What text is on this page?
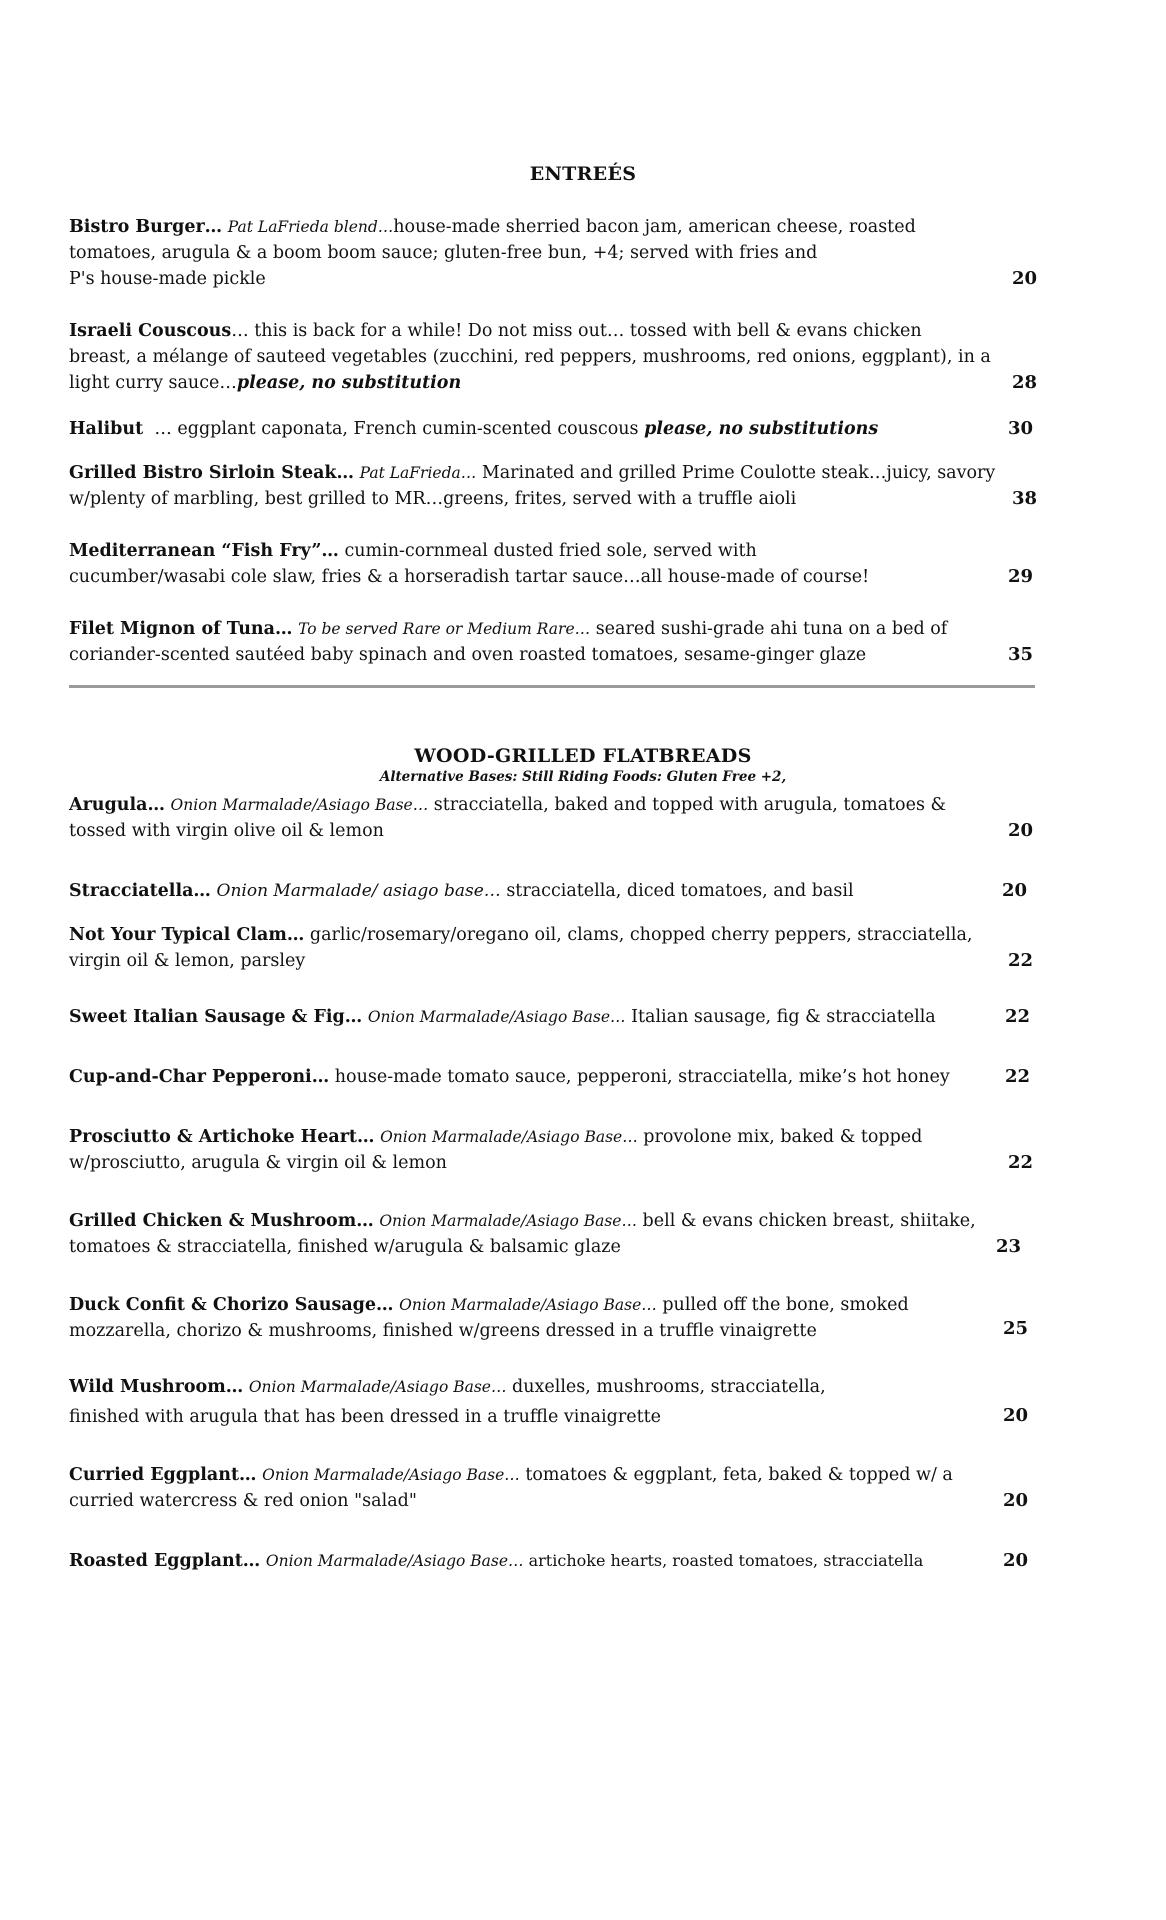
ENTREÉS
Bistro Burger… Pat LaFrieda blend…house-made sherried bacon jam, american cheese, roasted
tomatoes, arugula & a boom boom sauce; gluten-free bun, +4; served with fries and
P's house-made pickle	20
Israeli Couscous… this is back for a while! Do not miss out… tossed with bell & evans chicken
breast, a mélange of sauteed vegetables (zucchini, red peppers, mushrooms, red onions, eggplant), in a
light curry sauce…please, no substitution	28
Halibut  … eggplant caponata, French cumin-scented couscous please, no substitutions	30
Grilled Bistro Sirloin Steak… Pat LaFrieda… Marinated and grilled Prime Coulotte steak…juicy, savory
w/plenty of marbling, best grilled to MR…greens, frites, served with a truffle aioli	38
Mediterranean “Fish Fry”… cumin-cornmeal dusted fried sole, served with
cucumber/wasabi cole slaw, fries & a horseradish tartar sauce…all house-made of course!	29
Filet Mignon of Tuna… To be served Rare or Medium Rare… seared sushi-grade ahi tuna on a bed of
coriander-scented sautéed baby spinach and oven roasted tomatoes, sesame-ginger glaze	35
WOOD-GRILLED FLATBREADS
Alternative Bases: Still Riding Foods: Gluten Free +2,
Arugula… Onion Marmalade/Asiago Base… stracciatella, baked and topped with arugula, tomatoes &
tossed with virgin olive oil & lemon	20
Stracciatella… Onion Marmalade/ asiago base… stracciatella, diced tomatoes, and basil	20
Not Your Typical Clam… garlic/rosemary/oregano oil, clams, chopped cherry peppers, stracciatella,
virgin oil & lemon, parsley	22
Sweet Italian Sausage & Fig… Onion Marmalade/Asiago Base… Italian sausage, fig & stracciatella	22
Cup-and-Char Pepperoni… house-made tomato sauce, pepperoni, stracciatella, mike’s hot honey	22
Prosciutto & Artichoke Heart… Onion Marmalade/Asiago Base… provolone mix, baked & topped
w/prosciutto, arugula & virgin oil & lemon	22
Grilled Chicken & Mushroom… Onion Marmalade/Asiago Base… bell & evans chicken breast, shiitake,
tomatoes & stracciatella, finished w/arugula & balsamic glaze	23
Duck Confit & Chorizo Sausage… Onion Marmalade/Asiago Base… pulled off the bone, smoked
mozzarella, chorizo & mushrooms, finished w/greens dressed in a truffle vinaigrette	25
Wild Mushroom… Onion Marmalade/Asiago Base… duxelles, mushrooms, stracciatella,
finished with arugula that has been dressed in a truffle vinaigrette	20
Curried Eggplant… Onion Marmalade/Asiago Base… tomatoes & eggplant, feta, baked & topped w/ a
curried watercress & red onion "salad"	20
Roasted Eggplant… Onion Marmalade/Asiago Base… artichoke hearts, roasted tomatoes, stracciatella	20
